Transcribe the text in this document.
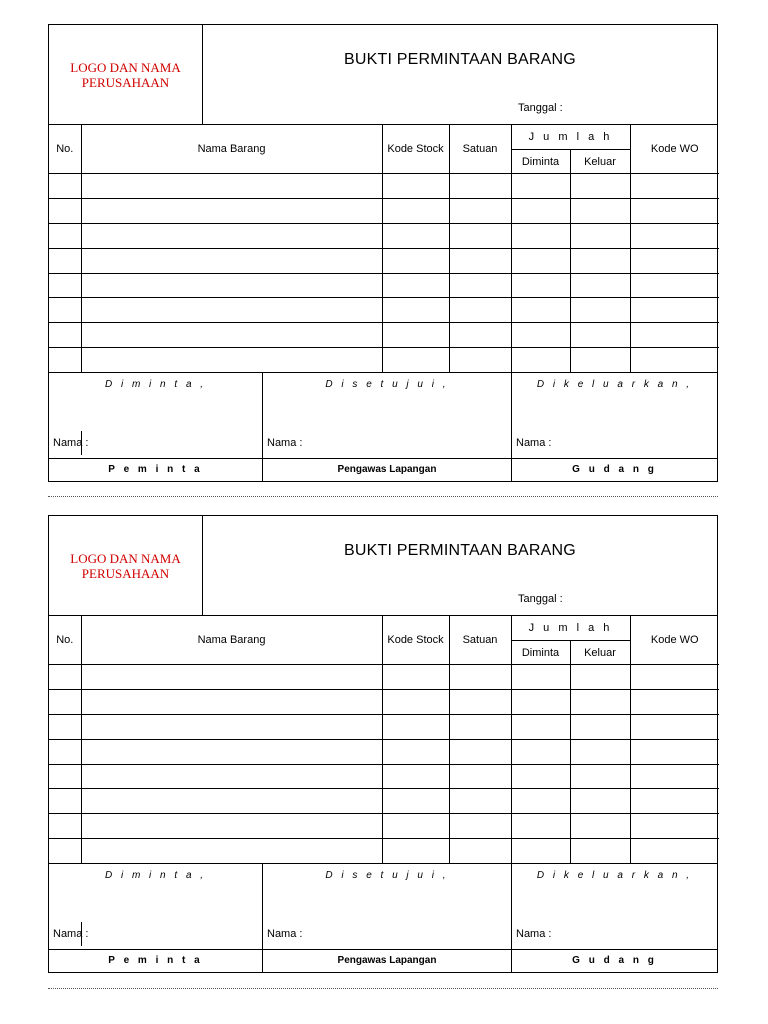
LOGO DAN NAMA
PERUSAHAAN
BUKTI PERMINTAAN BARANG
Tanggal :
No.	Nama Barang	Kode Stock	Satuan	J u m l a h		Kode WO
				Diminta	Keluar	

D i m i n t a ,
Nama :
P e m i n t a
D i s e t u j u i ,
Nama :
Pengawas Lapangan
D i k e l u a r k a n ,
Nama :
G u d a n g
LOGO DAN NAMA
PERUSAHAAN
BUKTI PERMINTAAN BARANG
Tanggal :
No.	Nama Barang	Kode Stock	Satuan	J u m l a h		Kode WO
				Diminta	Keluar	

D i m i n t a ,
Nama :
P e m i n t a
D i s e t u j u i ,
Nama :
Pengawas Lapangan
D i k e l u a r k a n ,
Nama :
G u d a n g
